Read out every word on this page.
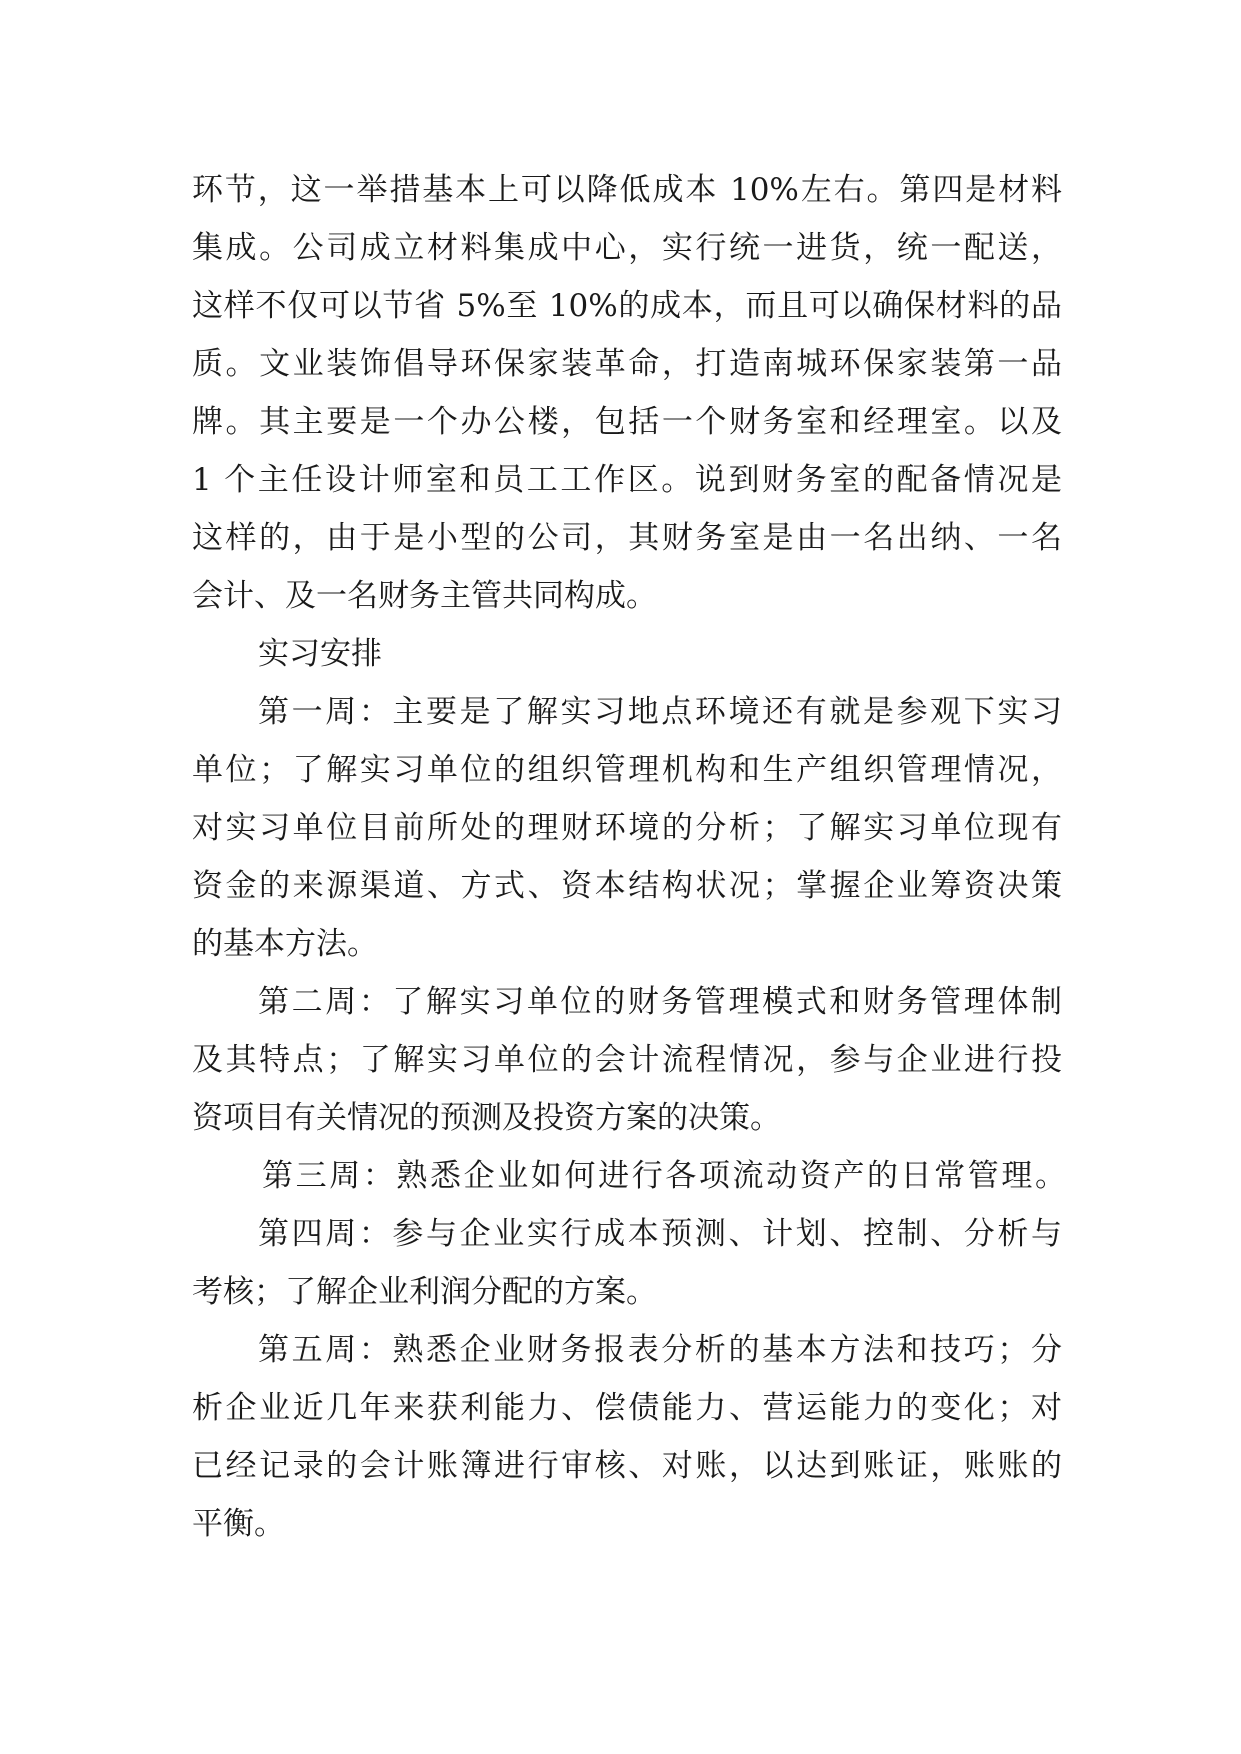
环节，这一举措基本上可以降低成本 10%左右。第四是材料
集成。公司成立材料集成中心，实行统一进货，统一配送，
这样不仅可以节省 5%至 10%的成本，而且可以确保材料的品
质。文业装饰倡导环保家装革命，打造南城环保家装第一品
牌。其主要是一个办公楼，包括一个财务室和经理室。以及
1 个主任设计师室和员工工作区。说到财务室的配备情况是
这样的，由于是小型的公司，其财务室是由一名出纳、一名
会计、及一名财务主管共同构成。
实习安排
第一周：主要是了解实习地点环境还有就是参观下实习
单位；了解实习单位的组织管理机构和生产组织管理情况，
对实习单位目前所处的理财环境的分析；了解实习单位现有
资金的来源渠道、方式、资本结构状况；掌握企业筹资决策
的基本方法。
第二周：了解实习单位的财务管理模式和财务管理体制
及其特点；了解实习单位的会计流程情况，参与企业进行投
资项目有关情况的预测及投资方案的决策。
第三周：熟悉企业如何进行各项流动资产的日常管理。
第四周：参与企业实行成本预测、计划、控制、分析与
考核；了解企业利润分配的方案。
第五周：熟悉企业财务报表分析的基本方法和技巧；分
析企业近几年来获利能力、偿债能力、营运能力的变化；对
已经记录的会计账簿进行审核、对账，以达到账证，账账的
平衡。
